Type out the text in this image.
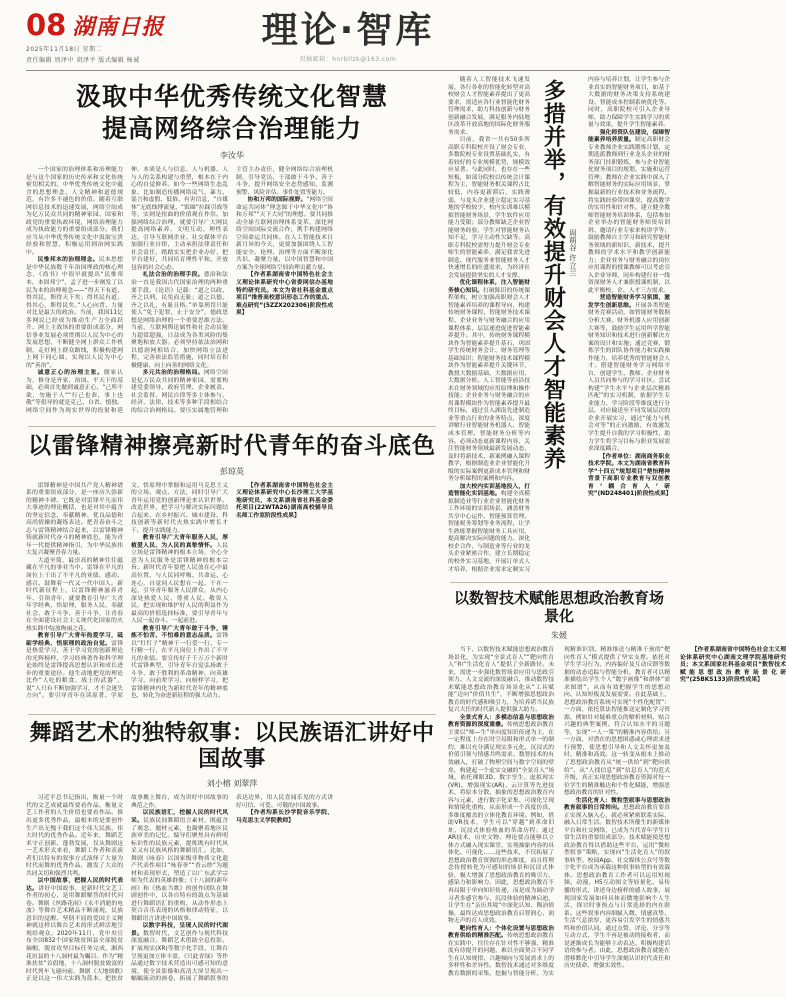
08 湖南日报
2025年11月18日 星期二
责任编辑 周泽中 胡泽平 版式编辑 杨诚
理论·智库
投稿邮箱：hnrbllzk@163.com
汲取中华优秀传统文化智慧
提高网络综合治理能力
李汝华

一个国家的治理体系和治理能力是与这个国家的历史传承和文化传统密切相关的。中华优秀传统文化中蕴含的思想理念、人文精神和道德规范，有许多不褪色的价值。随着互联网信息技术的迅速发展，网络空间成为亿万民众共同的精神家园、国家和政党的重要执政环境，网络治理能力成为执政能力的重要组成部分。我们应当从中华优秀传统文化中汲取宝贵经验和智慧，积极运用到治网实践中。

民惟邦本的治理理念。民本思想是中华民族数千年治国理政的核心理念，《尚书》中很早就提出“民惟邦本，本固邦宁”，孟子进一步阐发了以民为本的治理观念——“得天下有道，得其民，斯得天下矣；得其民有道，得其心，斯得民矣。”人心向背、力量对比是最大的政治。当前，我国11亿多网民已经成为推动生产力全面跃升、网上主战场的重要组成部分，网信事业发展必须贯彻以人民为中心的发展思想，不断健全网上群众工作机制，走好网上群众路线，积极构建网上网下同心圆，实现以人民为中心的“善治”。

诚意正心的治理主张。儒家认为，修身是齐家、治国、平天下的基础，必须首先做到诚意正心，“己所不欲，勿施于人”“行己也恭，事上也敬”等倡导的就是克己、自省、慎独。网络空间作为现实世界的投射和延伸，本质是人与信息、人与机器、人与人的关系构建与重塑，根本在于内心的自觉修养。如今一些网络生态乱象，比如制造传播网络戾气、暴力、谣言和虚假、低俗、有害信息，“自媒体”无底线博流量、“饭圈”拉踩引战等等，实则是扭曲的价值观在作祟。加强网络综合治理，就要引导广大网民提高网络素养，文明互动、理性表达，引导互联网企业、社交媒体平台加强行业自律，主动承担法律责任和社会责任，踏踏实实把企业办好、把平台建好，共同培育理性平和、开放包容的社会心态。

礼法合治的治理手段。德治和法治一直是我国古代国家治理的两种重要手段，《论语》记载：“道之以政，齐之以刑，民免而无耻；道之以德，齐之以礼，有耻且格。”单靠刑罚只能使人“免于犯罪、止于安分”，德政思想是网络治理的一个重要思维方法。当前，互联网舆论属性和社会动员能力超常超强，日益成为各类风险的集聚地和放大器。必须坚持依法治网和以德润网相结合，加快网络立法进程，完善依法监管措施，同时培育积极健康、向上向善的网络文化。

多元共治的治理格局。网络空间是亿万民众共同的精神家园，需要构建党委领导、政府管理、企业履责、社会监督、网民自律等多主体参与，经济、法律、技术等多种手段相结合的综合治网格局。要压实属地管理和主管主办责任，健全网络综合治理机制，引导党员、干部敢于斗争、善于斗争，提升网络安全态势感知、监测预警、风险评估、事件处置等能力。

协和万邦的国际视野。“网络空间命运共同体”理念源于中华文化中“协和万邦”“天下大同”的理想。要共同推动全球互联网治理体系变革，深化网络空间国际交流合作，携手构建网络空间命运共同体。在人工智能技术日新月异的今天，更要加强围绕人工智能安全、伦理、治理等方面不断深化共识、凝聚力量，以中国智慧和中国方案为全球网络空间治理贡献力量。

【作者系湖南省中国特色社会主义理论体系研究中心省委网信办基地特约研究员。本文为省社科基金重点项目“推普高校意识形态工作的重点、难点研究”(5ZZX202306)阶段性成果】

以雷锋精神擦亮新时代青年的奋斗底色
彭琼英

雷锋精神是中国共产党人精神谱系的重要组成部分，是一座历久弥新的精神丰碑。它既是对雷锋平凡而伟大事迹的理论概括，也是对其中蕴含的坚定信念、奉献精神、优良品德和高尚情操的凝练表达。把青春奋斗之志与雷锋精神结合起来，以雷锋精神铸就新时代奋斗的精神底色，能为青年一代提供精神指引，为中华民族伟大复兴凝聚青春力量。

大道至简，最崇高的精神往往蕴藏在平凡的事业当中。雷锋在平凡的岗位上干出了不平凡的业绩，感动、感召、鼓舞着一代又一代中国人。新时代新征程上，以雷锋精神滋养青年、引领青年，就要教育引导广大青年学经典、悟原理，服务人民、奉献社会，敢于斗争、善于斗争，让青春在全面建设社会主义现代化国家的火热实践中绽放绚丽之花。

教育引导广大青年热爱学习，砥砺学经典、悟原理的政治自觉。雷锋是热爱学习、善于学习党的创新理论的光辉榜样，学习经典著作和科学理论始终是雷锋提高思想认识和成长进步的重要途径。他生动地把党的理论比作“人吃的粮食、战士的武器”，说“人只有不断加强学习，才不会迷失方向”。要引导青年在读原著、学原文、悟原理中掌握和运用马克思主义的立场、观点、方法，同时引导广大青年运用党的创新理论来认识世界、改造世界，把学习与解决实际问题结合起来，在乡村振兴、城市建设、科技创新等新时代火热实践中增长才干、提升实践能力。

教育引导广大青年服务人民，厚植爱人民、为人民的真挚情怀。人民立场是雷锋精神的根本立场，全心全意为人民服务是雷锋精神的根本宗旨。新时代青年要把人民放在心中最高位置，与人民同呼吸、共命运、心连心，自觉同人民想在一起、干在一起，引导青年服务人民群众，从内心深处热爱人民、尊重人民、敬畏人民，把实现和维护好人民的利益作为最高的价值选择标准，要引导青年与人民一起奋斗、一起前进。

教育引导广大青年敢于斗争，锤炼不怕苦、不怕难的意志品质。雷锋以“钉钉子”精神干一行爱一行、专一行精一行，在平凡岗位上作出了不平凡的业绩。要宣传好千千万万个新时代雷锋典型，引导青年自觉弘扬敢于斗争、敢于胜利的革命精神，向英雄学习、向前辈学习、向榜样学习，把雷锋精神内化为新时代青年的精神底色，转化为奋进新征程的强大动力。

【作者系湖南省中国特色社会主义理论体系研究中心长沙理工大学基地研究员，本文系湖南省社科基金委托项目(22WTA26)湖南高校辅导员名师工作室阶段性成果】

舞蹈艺术的独特叙事：以民族语汇讲好中国故事
刘小榕 刘翠萍

习近平总书记指出，衡量一个时代的文艺成就最终要看作品，衡量文艺工作者的人生价值也要看作品。推出更多优秀作品，最根本的是要创作生产出无愧于我们这个伟大民族、伟大时代的优秀作品。近年来，舞蹈艺术守正创新、蓬勃发展，仅从舞剧这一艺术形式来看，舞蹈工作者和表演者们以特有的叙事方式演绎了大量为时代而舞的优秀作品，激发了大众的共同关切和强烈共鸣。

以中国故事，把握人民的时代表达。讲好中国故事，是新时代文艺工作者的初心，是用舞蹈解答的时代问卷。舞剧《丝路花雨》《永不消逝的电波》等舞台艺术精品不断涌现，民族意识的觉醒、坚韧不屈的爱国主义精神就这样以舞台艺术的形式鲜活地呈现给观众。2020年11月，党中央宣布全国832个国家级贫困县全部脱贫摘帽，脱贫攻坚目标任务完成，湘西花垣县的十八洞村最为瞩目。作为“精准扶贫”首倡地，十八洞村脱贫致富的时代列车飞速向前，舞剧《大地颂歌》正是以这一伟大实践为蓝本，把扶贫故事搬上舞台，成为讲好中国故事的典范之作。

以民族语汇，挖掘人民的时代风采。民族民间舞蹈语言素材，既蕴含了观念、题材元素，也凝聚着地区民族审美的记忆。编导们聚焦具有鲜明标识性的民族元素，提炼既有时代风采又有民族风格的舞蹈语汇。比如，舞剧《咏春》以国家级非物质文化遗产代表性项目“咏春拳”“香云纱”为题材和表现形式，塑造了以广东武学宗师为代表的英雄群像；《十八洞的新年画》和《热血当歌》的创作团队在舞剧创作中，以各自特有的鼓点为基础进行舞蹈语汇的重构，从动作形态上契合音乐表现的风格和律动特征，以舞蹈语言讲述中国故事。

以数字科技，呈现人民的时代图景。数智时代，文艺创作与现代科技深度融合。舞蹈艺术借助全息投影、扩展现实(XR)等数字化手段，让舞台呈现更加立体丰盈，《只此青绿》等作品通过数字技术营造出可感可知的意境，使全景影像和高清大屏呈现出一幅幅流动的画卷，拓展了舞蹈叙事的表达边界，用人民喜闻乐见的方式讲好可信、可爱、可敬的中国故事。

【作者均系长沙学院音乐学院、马克思主义学院教师】

多措并举，有效提升财会人才智能素养 周萌谷 许立兰

随着人工智能技术飞速发展，各行各业的智能化转型对高校财会人才智能素养提出了更高要求，需适应各行业智能化财务管理需求，助力科技创新与财务创新融合发展，满足服务内陆地区改革开放高地的国际化财务服务需求。

目前，我省一共有50多所高职专科院校开设了财会专业，多数院校专业设置基础扎实，有着较好的专业规模优势，规模效应显著。与此同时，也存在一些短板，如部分院校以传统会计课程为主，智能财务相关课程占比较低，内容更新滞后，实践薄弱，与龙头企业建立稳定实习基地的学校较少，校内实训难以模拟智能财务场景，学生软件应用能力受限；部分教师缺乏企业智能财务经验，学生对智能财务认知不足，学习主动性欠缺等。高职专科院校需努力提升财会专业师生的智能素养，满足我省先进制造、现代服务业智能财务人才快速增长的旺盛需求，为经济社会发展提供坚实的人才支撑。

优化课程体系，注入智能财务核心知识。打破陈旧的传统课程架构，树立加强高职财会人才智能素养培养的课程导向，构建传统财务课程、智能财务技术课程、企业业务与财务融合的应用课程体系，层层递进促进智能素养提升。其中，传统财务课程模块作为智能素养提升基石，巩固学生传统财务会计、财务管理等基础知识；智能财务技术课程模块作为智能素养提升关键环节，教授大数据基础、大数据应用、大数据分析、人工智能等前沿技术在财务领域的应用原理和操作技能；企业业务与财务融合的应用课程模块作为智能素养提升最终目标，通过引入湖南先进制造业等重点行业的业务特点，深度讲解行业智能财务机器人、智能成本管理、智能财务分析等内容。必须动态更新课程内容，关注智能财务领域最新发展动态，及时将新技术、新案例融入课程教学，根据制造业企业智能化升级的实际案例更新成本管理和财务分析课程的案例和内容。

加大校内实训基地投入，打造智能化实训基地。构建全真模拟制造业等行业企业智能化财务工作环境的实训场景，涵盖财务共享中心运作、智能预算管理、智能税务筹划等业务流程，让学生熟练掌握智能财务工具应用，提高解决实际问题的能力。深化校企合作，与制造业等行业的龙头企业紧密合作，建立长期稳定的校外实习基地，开展订单式人才培养，根据企业需求定制实习内容与培养计划，让学生参与企业真实的智能财务项目，如基于大数据的财务决策支持系统建设、智能成本控制系统优化等。同时，高职院校可引入企业导师，助力保障学生实践学习的质量与效果，提升学生智能素养。

强化师资队伍建设，保障智能素养培养质量。制定高职财会专业教师企业实践锻炼计划，定期选派教师到行业龙头企业的财务部门挂职锻炼，参与企业智能化财务项目的规划、实施和运营管理；教师在企业实践中深入了解智能财务的实际应用场景，掌握最新的行业技术和业务流程，将实践经验带回课堂，提高教学的实用性和针对性。建立健全教师智能财务培训体系，包括参加企业举办的智能财务师资培训班、邀请行业专家来校讲学等；鼓励教师自主学习和研究智能财务领域的新知识、新技术，提升教师的学术水平和教学创新能力；企业业务与财务融合的岗位应用课程的授课教师可以考虑引入企业导师，同步构建行业一线资深财务人才兼职授课机制，以此平衡校、企、人才三方需求。

营造智能财务学习氛围，激发学生创新思维。开展各类智能财务竞赛活动，如智能财务数据分析大赛、财务机器人应用创新大赛等，鼓励学生运用所学智能财务知识和技术进行创新解决方案的设计和实施；通过竞赛，锻炼学生的团队协作能力和实践操作能力，培养优秀的智能财会人才。搭建智能财务学习网络平台，创建学生、教师、企业财务人员共同参与的学习社区。尝试构建“学生水平与企业层次精准匹配”的实习机制，依据学生专业能力、学习阶段等维度进行分层，对应输送至不同发展层次的企业开展实习，通过“能力与机会对等”的正向激励，有效激发学生提升自我的学习积极性，助力学生将学习目标与职业发展需求深度耦合。

【作者单位：湖南商务职业技术学院。本文为湖南省教育科学“十四五”规划项目“楚怡精神背景下高职专业教育与双创教育‘耦合育人’研究”(ND248401)阶段性成果】

以数智技术赋能思想政治教育场景化
朱媛

当下，以数智技术赋能思想政治教育场景化，为实现“全景式育人”“靶向性育人”和“生活化育人”提供了全新路径。未来，需进一步强化数智场景应用与思政引领力、人文交流的深度融合，推动数智技术赋能思想政治教育场景化从“工具赋能”迈向“价值共生”，不断增强思想政治教育的时代感和吸引力，为培养堪当民族复兴大任的时代新人提供强大助力。

全景式育人：多模态信息与思想政治教育资源的深度重叠。传统思想政治教育主要以“师—生”单向度知识传递为主，在一定程度上存在时空局限和形式单一的制约，难以充分满足现实多元化、沉浸式的价值引领与情感共鸣需求。数智技术的有效融入，打破了物理空间与数字空间的壁垒，构建起一个虚实交融的“全景育人”场域，依托裸眼3D、数字孪生、虚拟现实(VR)、增强现实(AR)、云计算等先进技术，将原本分散、抽象的思想政治教育内容与元素，进行数字化采集、可视化呈现和情境化重构，从而形成一个高度仿真、多维度覆盖的立体化教育环境。例如，借助VR技术，学生可以“穿越”到革命旧址，沉浸式体验热血的革命历程；通过AR技术，历史文物、理论要点能够以立体方式融入现实课堂，实现抽象内容的具体化、可视化……这些技术，不仅拓展了思想政治教育资源的形态维度，而且将理念传授转化为可感知的场景和沉浸式体验，极大增强了思想政治教育的吸引力、感染力和影响力。因此，思想政治教育不再局限于单向知识传递，而是成为调动学习者多感官参与、沉浸体验的精神启迪，让学生在“亲历其境”中深化认知、陶冶情操，最终达成思想政治教育启智润心、润物无声的育人成效。

靶向性育人：个体化设置与思想政治教育供给的精准匹配。传统思想政治教育在实践中，往往存在针对性不够强、精准度有待提升的问题，难以全面契合不同学生在认知规律、兴趣倾向与发展需求上的多样性和差异性。数智技术通过对多维度教育数据的采集、挖掘与智能分析，为实现精准识别、精准推送与精准干预的“靶向性育人”模式提供了坚实支撑。依托对学生学习行为、内容偏好及互动反馈等数据的动态追踪与智能分析，教育者可以精准描绘出学生个人“数字画像”和群体“需求图谱”，从而有效把握学生的思想动向、认知短板及发展需要。在此基础上，思想政治教育系统可实现“个性化配置”：一方面，依托算法智能推送定制化学习资源，例如针对疑难重点的解析材料、贴合兴趣的典型案例、符合认知水平的习题等，实现“一人一策”的精准内容供给；另一方面，对潜在的思想困惑或心理需求进行预警，使思想引导和人文关怀更加及时、精准和高效。这一转变从根本上推动了思想政治教育从“统一供给”到“靶向供给”、从“人找信息”到“信息育人”的范式升级，真正实现思想政治教育资源对每一位学生的精准触达和个性化赋能，增强思想政治教育的针对性。

生活化育人：微粒型叙事与思想政治教育叙事的日常转向。思想政治教育要真正实现入脑入心，就必须紧密联系实际，融入日常生活。数智技术所催生的新媒体平台和社交网络，已成为当代青年学生日常生活的重要组成部分。技术赋能使思想政治教育得以借助这些平台，运用“微粒型叙事”策略，实现向“生活化育人”的叙事转型。校园App、社交媒体公众号等数字化平台成为承载这种叙事转型的有效载体。思想政治教育工作者可以运用短视频、动漫、H5互动图文等轻量化、易传播的形式，讲述身边榜样的感人故事，展现国家发展如何具体而微地影响个人生活，探讨时事热点与日常选择的内在联系。这些叙事内容细腻入微、情感真挚、生活气息浓厚，更容易引发学生的情感共鸣和价值认同。通过点赞、评论、分享等互动方式，学生不再是被动的接收者，而是逐渐成长为能够主动表达、积极构建话语的参与者。由此，思想政治教育就能在潜移默化中引导学生深刻认识时代责任和历史使命，增强实效性。

【作者系湖南省中国特色社会主义理论体系研究中心湖南文理学院基地研究员；本文系国家社科基金项目“数智技术赋能思想政治教育场景化研究”(25BKS133)阶段性成果】
